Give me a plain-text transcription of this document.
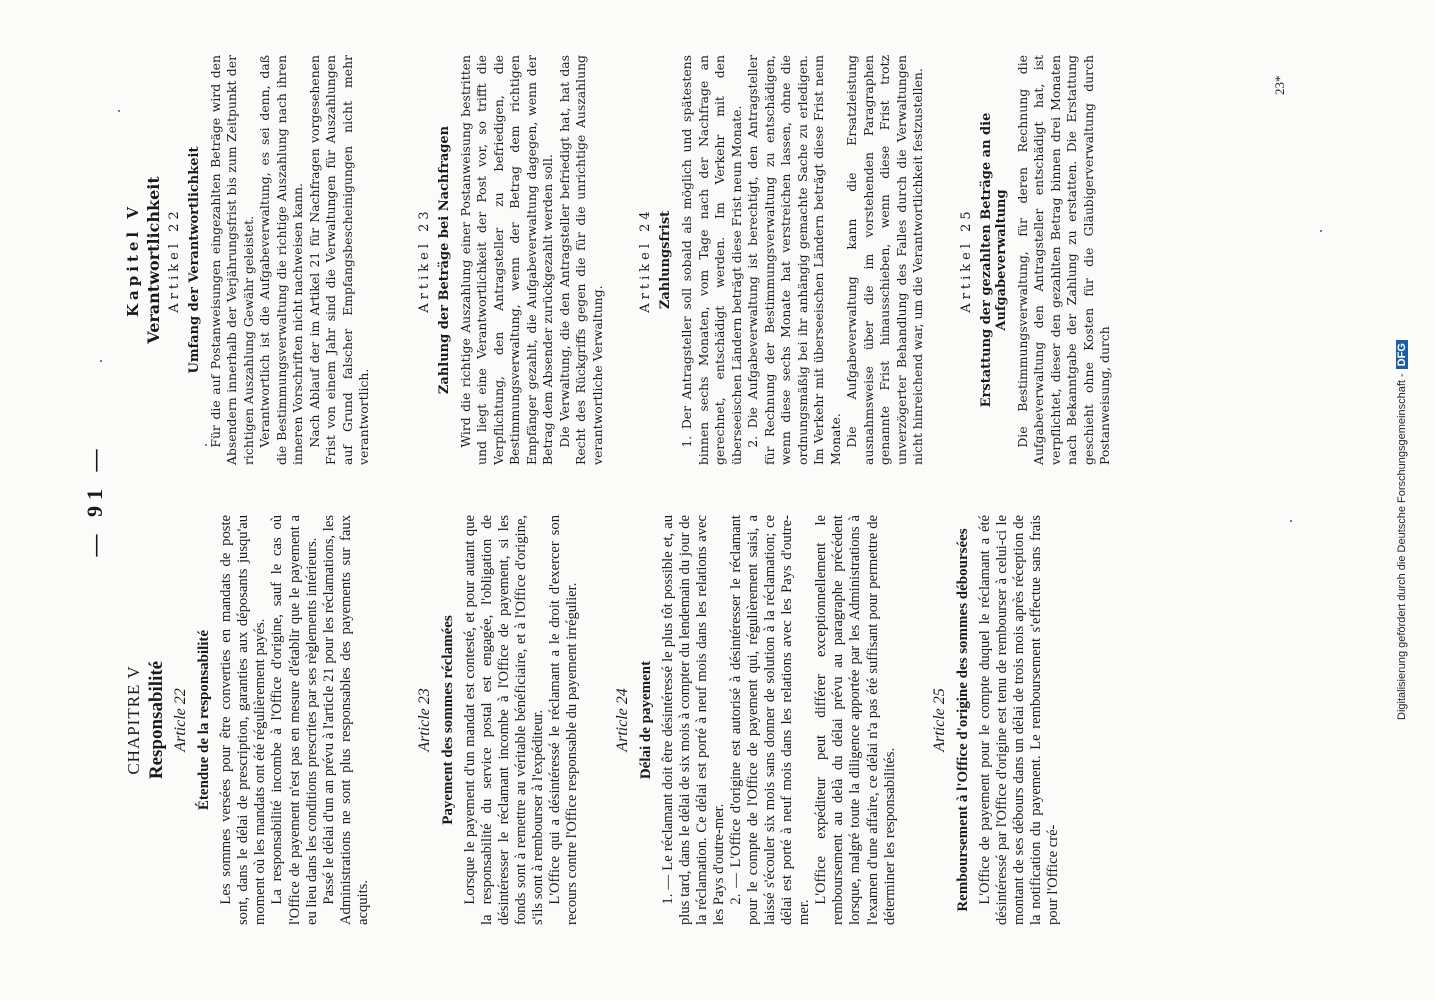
— 91 —
CHAPITRE V Responsabilité Article 22 Étendue de la responsabilité Les sommes versées pour être converties en mandats de poste sont, dans le délai de prescription, garanties aux déposants jusqu'au moment où les mandats ont été régulièrement payés. La responsabilité incombe à l'Office d'origine, sauf le cas où l'Office de payement n'est pas en mesure d'établir que le payement a eu lieu dans les conditions prescrites par ses règlements intérieurs. Passé le délai d'un an prévu à l'article 21 pour les réclamations, les Administrations ne sont plus responsables des payements sur faux acquits.

Article 23 Payement des sommes réclamées Lorsque le payement d'un mandat est contesté, et pour autant que la responsabilité du service postal est engagée, l'obligation de désintéresser le réclamant incombe à l'Office de payement, si les fonds sont à remettre au véritable bénéficiaire, et à l'Office d'origine, s'ils sont à rembourser à l'expéditeur. L'Office qui a désintéressé le réclamant a le droit d'exercer son recours contre l'Office responsable du payement irrégulier. Article 24 Délai de payement 1. — Le réclamant doit être désintéressé le plus tôt possible et, au plus tard, dans le délai de six mois à compter du lendemain du jour de la réclamation. Ce délai est porté à neuf mois dans les relations avec les Pays d'outre-mer. 2. — L'Office d'origine est autorisé à désintéresser le réclamant pour le compte de l'Office de payement qui, régulièrement saisi, a laissé s'écouler six mois sans donner de solution à la réclamation; ce délai est porté à neuf mois dans les relations avec les Pays d'outre-mer.

L'Office expéditeur peut différer exceptionnellement le remboursement au delà du délai prévu au paragraphe précédent lorsque, malgré toute la diligence apportée par les Administrations à l'examen d'une affaire, ce délai n'a pas été suffisant pour permettre de déterminer les responsabilités.

Article 25 Remboursement à l'Office d'origine des sommes déboursées L'Office de payement pour le compte duquel le réclamant a été désintéressé par l'Office d'origine est tenu de rembourser à celui-ci le montant de ses débours dans un délai de trois mois après réception de la notification du payement. Le remboursement s'effectue sans frais pour l'Office cré-

Kapitel V Verantwortlichkeit Artikel 22 Umfang der Verantwortlichkeit Für die auf Postanweisungen eingezahlten Beträge wird den Absendern innerhalb der Verjährungsfrist bis zum Zeitpunkt der richtigen Auszahlung Gewähr geleistet. Verantwortlich ist die Aufgabeverwaltung, es sei denn, daß die Bestimmungsverwaltung die richtige Auszahlung nach ihren inneren Vorschriften nicht nachweisen kann. Nach Ablauf der im Artikel 21 für Nachfragen vorgesehenen Frist von einem Jahr sind die Verwaltungen für Auszahlungen auf Grund falscher Empfangsbescheinigungen nicht mehr verantwortlich.

Artikel 23 Zahlung der Beträge bei Nachfragen Wird die richtige Auszahlung einer Postanweisung bestritten und liegt eine Verantwortlichkeit der Post vor, so trifft die Verpflichtung, den Antragsteller zu befriedigen, die Bestimmungsverwaltung, wenn der Betrag dem richtigen Empfänger gezahlt, die Aufgabeverwaltung dagegen, wenn der Betrag dem Absender zurückgezahlt werden soll. Die Verwaltung, die den Antragsteller befriedigt hat, hat das Recht des Rückgriffs gegen die für die unrichtige Auszahlung verantwortliche Verwaltung.

Artikel 24 Zahlungsfrist 1. Der Antragsteller soll sobald als möglich und spätestens binnen sechs Monaten, vom Tage nach der Nachfrage an gerechnet, entschädigt werden. Im Verkehr mit den überseeischen Ländern beträgt diese Frist neun Monate. 2. Die Aufgabeverwaltung ist berechtigt, den Antragsteller für Rechnung der Bestimmungsverwaltung zu entschädigen, wenn diese sechs Monate hat verstreichen lassen, ohne die ordnungsmäßig bei ihr anhängig gemachte Sache zu erledigen. Im Verkehr mit überseeischen Ländern beträgt diese Frist neun Monate. Die Aufgabeverwaltung kann die Ersatzleistung ausnahmsweise über die im vorstehenden Paragraphen genannte Frist hinausschieben, wenn diese Frist trotz unverzögerter Behandlung des Falles durch die Verwaltungen nicht hinreichend war, um die Verantwortlichkeit festzustellen.	Artikel 25 Erstattung der gezahlten Beträge an die Aufgabeverwaltung Die Bestimmungsverwaltung, für deren Rechnung die Aufgabeverwaltung den Antragsteller entschädigt hat, ist verpflichtet, dieser den gezahlten Betrag binnen drei Monaten nach Bekanntgabe der Zahlung zu erstatten. Die Erstattung geschieht ohne Kosten für die Gläubigerverwaltung durch Postanweisung, durch

23*
Digitalisierung gefördert durch die Deutsche Forschungsgemeinschaft -DFG
